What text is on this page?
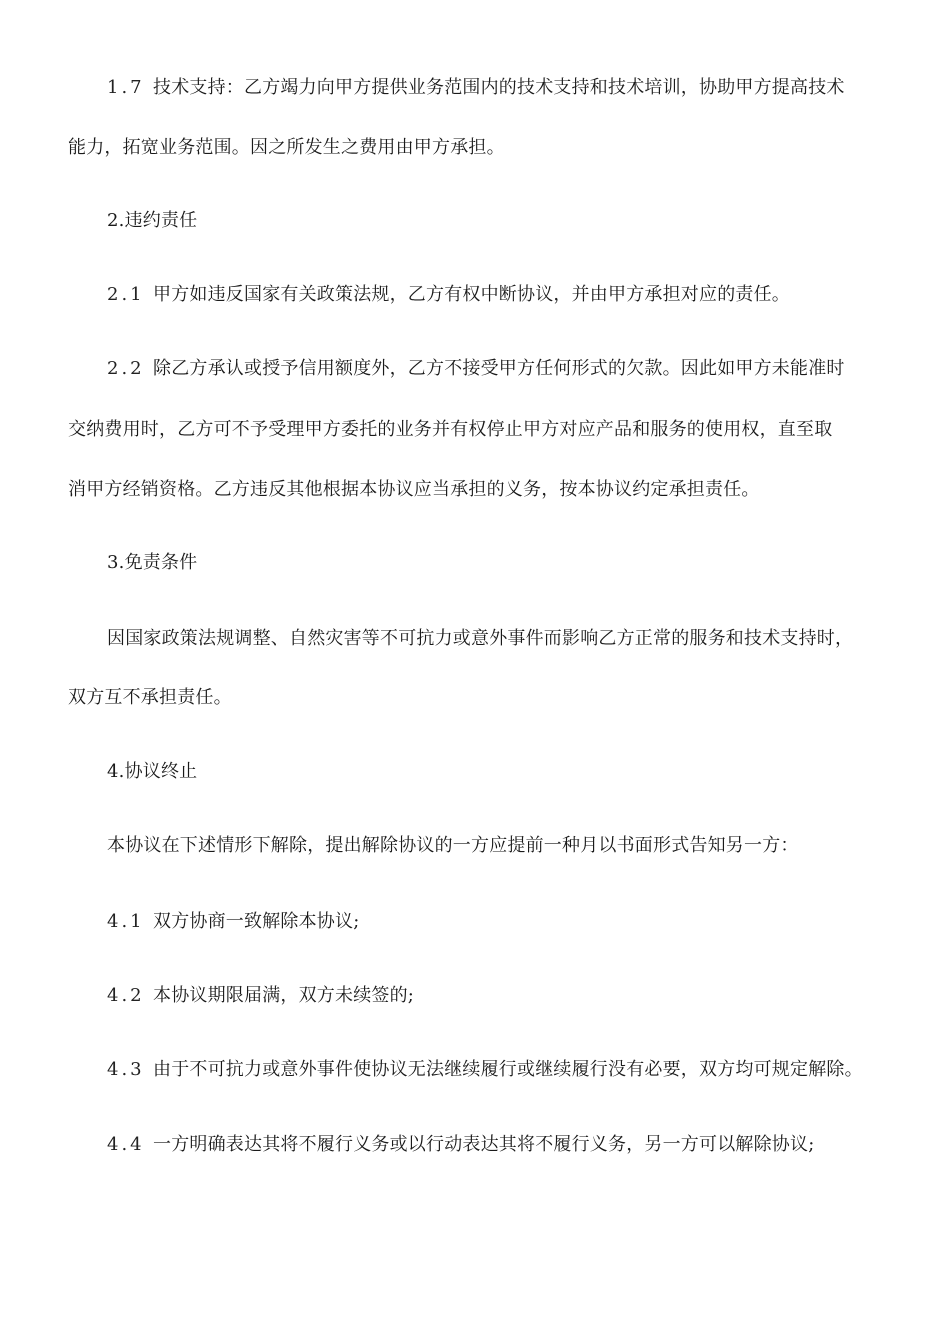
1.7 技术支持：乙方竭力向甲方提供业务范围内的技术支持和技术培训，协助甲方提高技术
能力，拓宽业务范围。因之所发生之费用由甲方承担。
2.违约责任
2.1 甲方如违反国家有关政策法规，乙方有权中断协议，并由甲方承担对应的责任。
2.2 除乙方承认或授予信用额度外，乙方不接受甲方任何形式的欠款。因此如甲方未能准时
交纳费用时，乙方可不予受理甲方委托的业务并有权停止甲方对应产品和服务的使用权，直至取
消甲方经销资格。乙方违反其他根据本协议应当承担的义务，按本协议约定承担责任。
3.免责条件
因国家政策法规调整、自然灾害等不可抗力或意外事件而影响乙方正常的服务和技术支持时，
双方互不承担责任。
4.协议终止
本协议在下述情形下解除，提出解除协议的一方应提前一种月以书面形式告知另一方：
4.1 双方协商一致解除本协议;
4.2 本协议期限届满，双方未续签的;
4.3 由于不可抗力或意外事件使协议无法继续履行或继续履行没有必要，双方均可规定解除。
4.4 一方明确表达其将不履行义务或以行动表达其将不履行义务，另一方可以解除协议;
